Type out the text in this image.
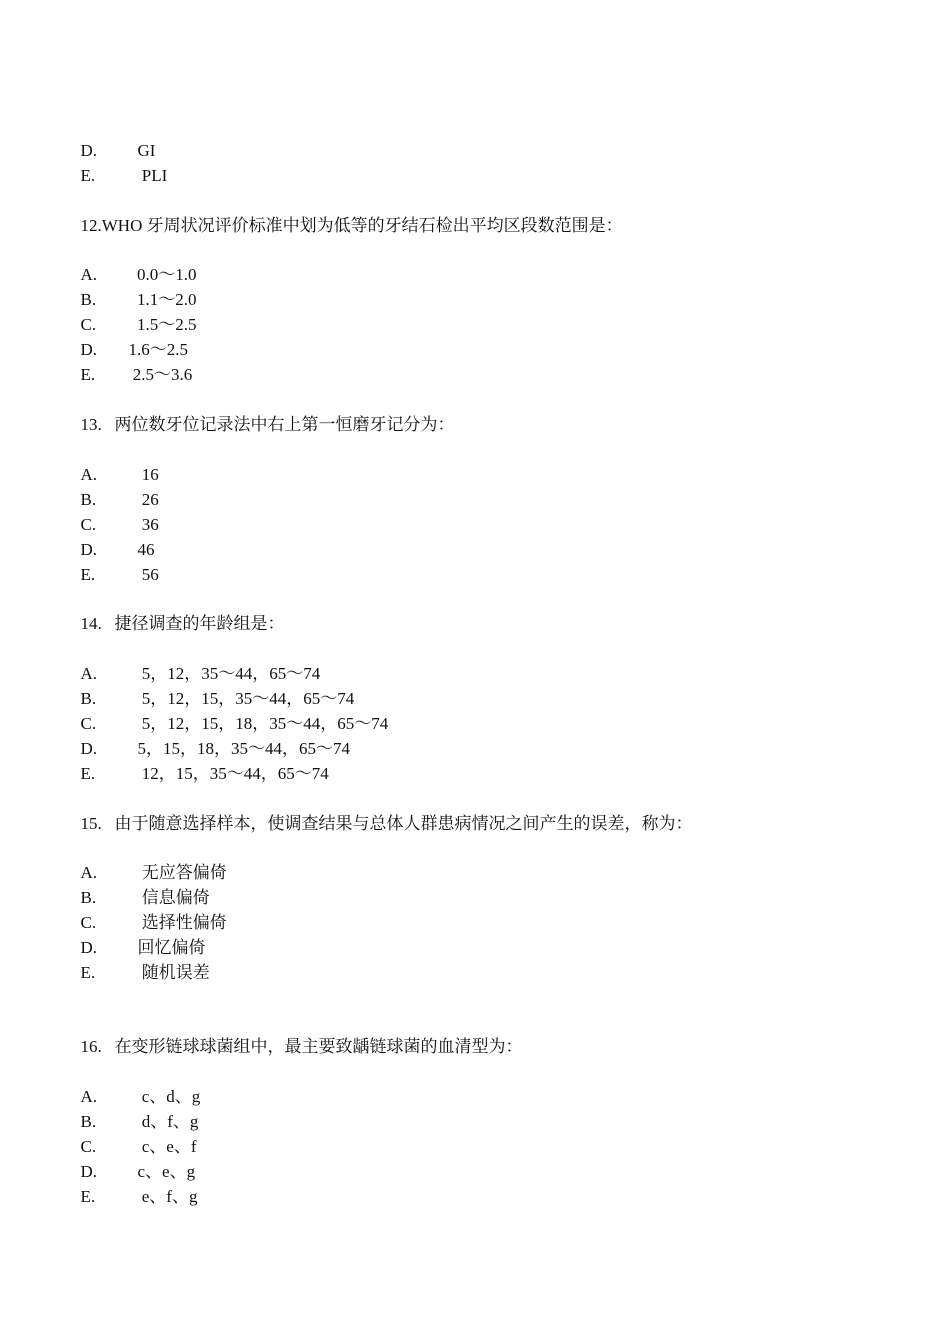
D. GI

E. PLI

12.WHO 牙周状况评价标准中划为低等的牙结石检出平均区段数范围是：

A.  0.0～1.0

B.  1.1～2.0

C.  1.5～2.5

D. 1.6～2.5

E. 2.5～3.6

13.   两位数牙位记录法中右上第一恒磨牙记分为：

A. 16

B. 26

C. 36

D. 46

E. 56

14.   捷径调查的年龄组是：

A. 5，12，35～44，65～74

B. 5，12，15，35～44，65～74

C. 5，12，15，18，35～44，65～74

D. 5，15，18，35～44，65～74

E. 12，15，35～44，65～74

15.   由于随意选择样本，使调查结果与总体人群患病情况之间产生的误差，称为：

A. 无应答偏倚

B. 信息偏倚

C. 选择性偏倚

D. 回忆偏倚

E. 随机误差

16.   在变形链球球菌组中，最主要致龋链球菌的血清型为：

A. c、d、g

B. d、f、g

C. c、e、f

D. c、e、g

E. e、f、g
